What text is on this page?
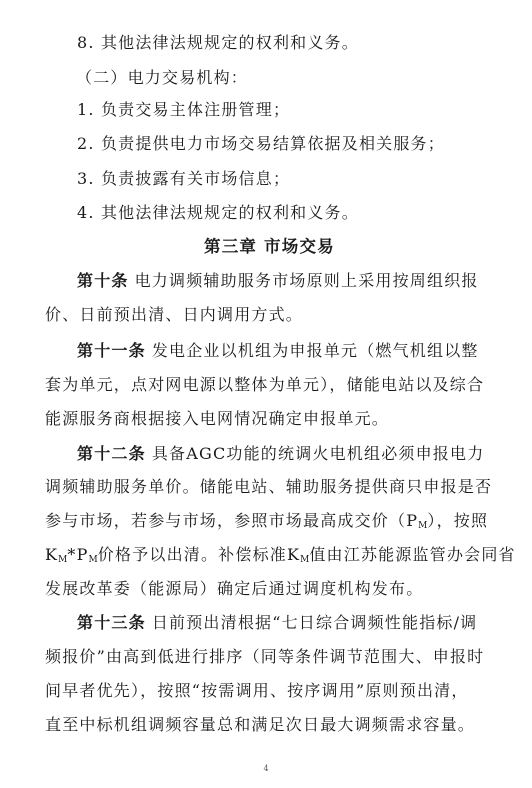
8. 其他法律法规规定的权利和义务。
（二）电力交易机构：
1. 负责交易主体注册管理；
2. 负责提供电力市场交易结算依据及相关服务；
3. 负责披露有关市场信息；
4. 其他法律法规规定的权利和义务。
第三章 市场交易
第十条 电力调频辅助服务市场原则上采用按周组织报
价、日前预出清、日内调用方式。
第十一条 发电企业以机组为申报单元（燃气机组以整
套为单元，点对网电源以整体为单元），储能电站以及综合
能源服务商根据接入电网情况确定申报单元。
第十二条 具备AGC功能的统调火电机组必须申报电力
调频辅助服务单价。储能电站、辅助服务提供商只申报是否
参与市场，若参与市场，参照市场最高成交价$(P_M)$，按照
$K_M*P_M$价格予以出清。补偿标准$K_M$值由江苏能源监管办会同省
发展改革委（能源局）确定后通过调度机构发布。
第十三条 日前预出清根据“七日综合调频性能指标/调
频报价”由高到低进行排序（同等条件调节范围大、申报时
间早者优先），按照“按需调用、按序调用”原则预出清，
直至中标机组调频容量总和满足次日最大调频需求容量。
4
